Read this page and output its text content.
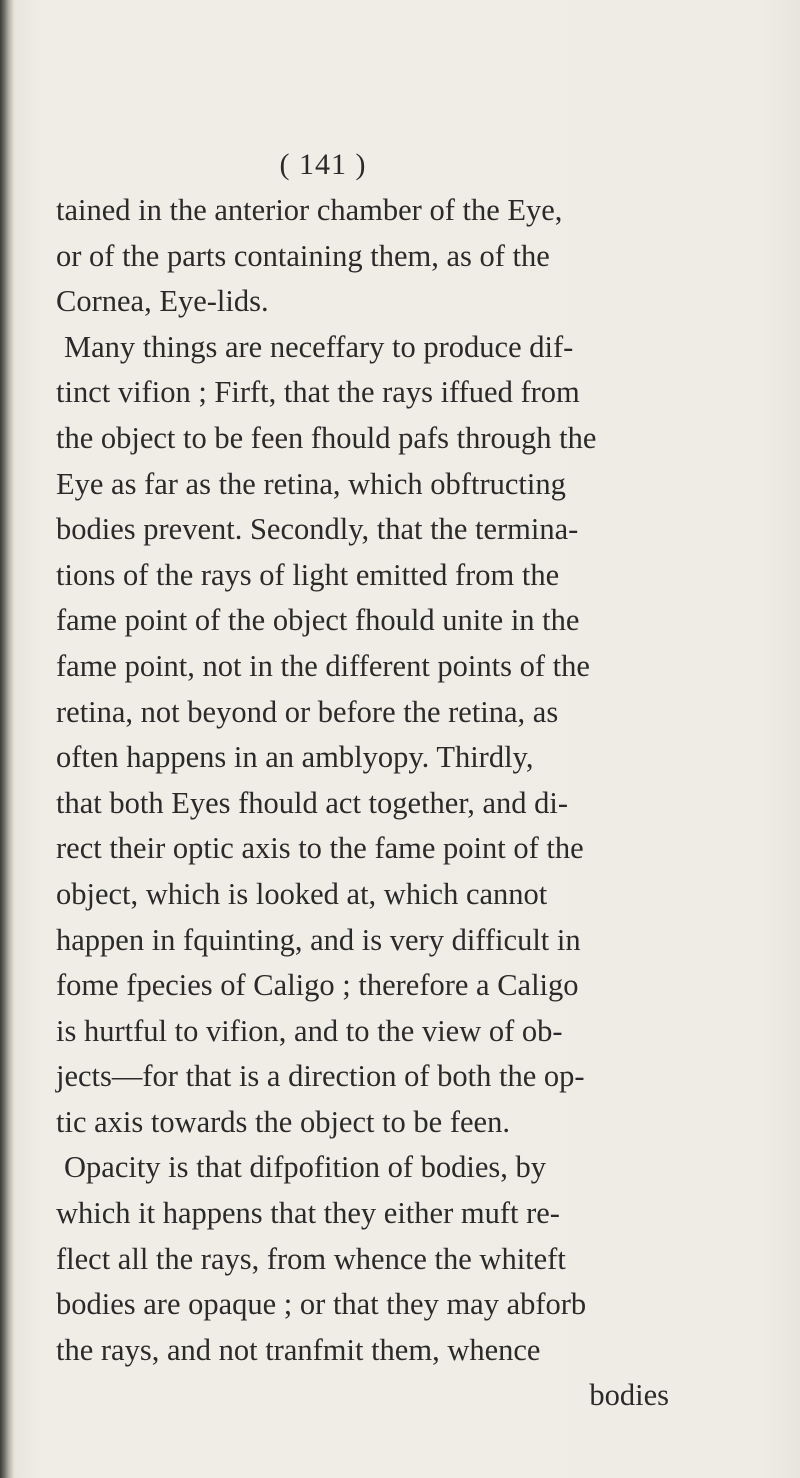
( 141 )
tained in the anterior chamber of the Eye,
or of the parts containing them, as of the
Cornea, Eye-lids.
Many things are neceffary to produce dif-
tinct vifion ; Firft, that the rays iffued from
the object to be feen fhould pafs through the
Eye as far as the retina, which obftructing
bodies prevent. Secondly, that the termina-
tions of the rays of light emitted from the
fame point of the object fhould unite in the
fame point, not in the different points of the
retina, not beyond or before the retina, as
often happens in an amblyopy. Thirdly,
that both Eyes fhould act together, and di-
rect their optic axis to the fame point of the
object, which is looked at, which cannot
happen in fquinting, and is very difficult in
fome fpecies of Caligo ; therefore a Caligo
is hurtful to vifion, and to the view of ob-
jects—for that is a direction of both the op-
tic axis towards the object to be feen.
Opacity is that difpofition of bodies, by
which it happens that they either muft re-
flect all the rays, from whence the whiteft
bodies are opaque ; or that they may abforb
the rays, and not tranfmit them, whence
bodies
